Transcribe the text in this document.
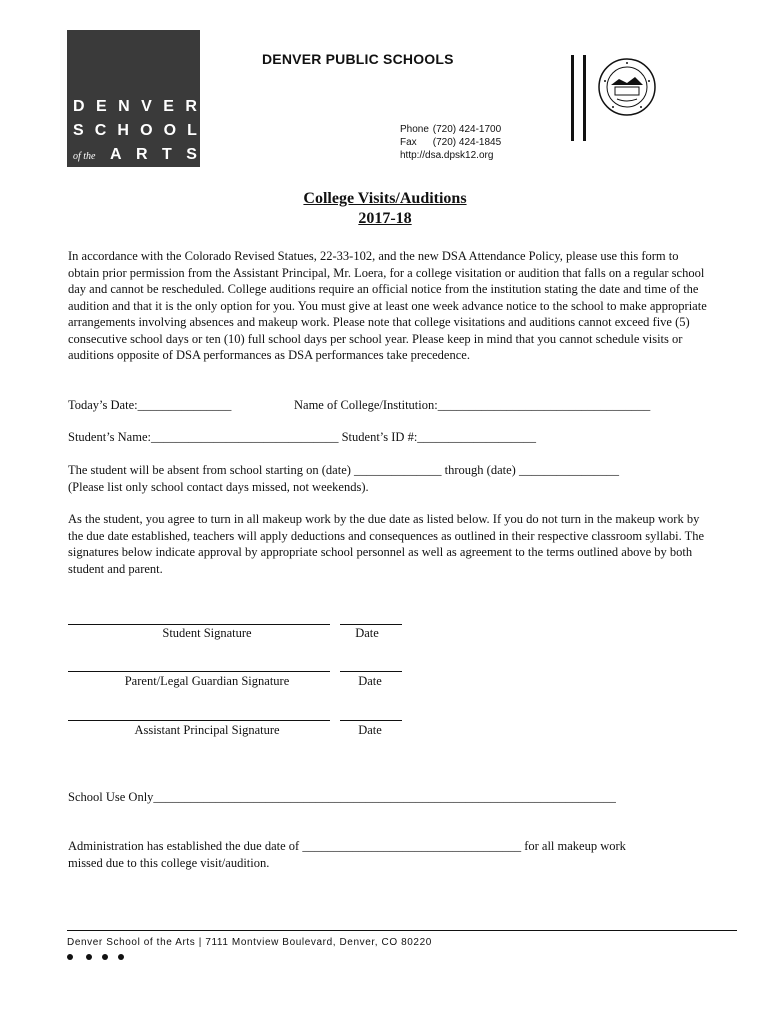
D E N V E R
S C H O O L
of the A R T S
DENVER PUBLIC SCHOOLS
Phone (720) 424-1700
Fax (720) 424-1845
http://dsa.dpsk12.org
College Visits/Auditions
2017-18
In accordance with the Colorado Revised Statues, 22-33-102, and the new DSA Attendance Policy, please use this form to obtain prior permission from the Assistant Principal, Mr. Loera, for a college visitation or audition that falls on a regular school day and cannot be rescheduled. College auditions require an official notice from the institution stating the date and time of the audition and that it is the only option for you. You must give at least one week advance notice to the school to make appropriate arrangements involving absences and makeup work. Please note that college visitations and auditions cannot exceed five (5) consecutive school days or ten (10) full school days per school year. Please keep in mind that you cannot schedule visits or auditions opposite of DSA performances as DSA performances take precedence.
Today’s Date:_______________	Name of College/Institution:__________________________________
Student’s Name:______________________________ Student’s ID #:___________________
The student will be absent from school starting on (date) ______________ through (date) ________________
(Please list only school contact days missed, not weekends).
As the student, you agree to turn in all makeup work by the due date as listed below. If you do not turn in the makeup work by the due date established, teachers will apply deductions and consequences as outlined in their respective classroom syllabi. The signatures below indicate approval by appropriate school personnel as well as agreement to the terms outlined above by both student and parent.
Student Signature	Date
Parent/Legal Guardian Signature	Date
Assistant Principal Signature	Date
School Use Only__________________________________________________________________________
Administration has established the due date of ___________________________________ for all makeup work
missed due to this college visit/audition.
Denver School of the Arts | 7111 Montview Boulevard, Denver, CO 80220
